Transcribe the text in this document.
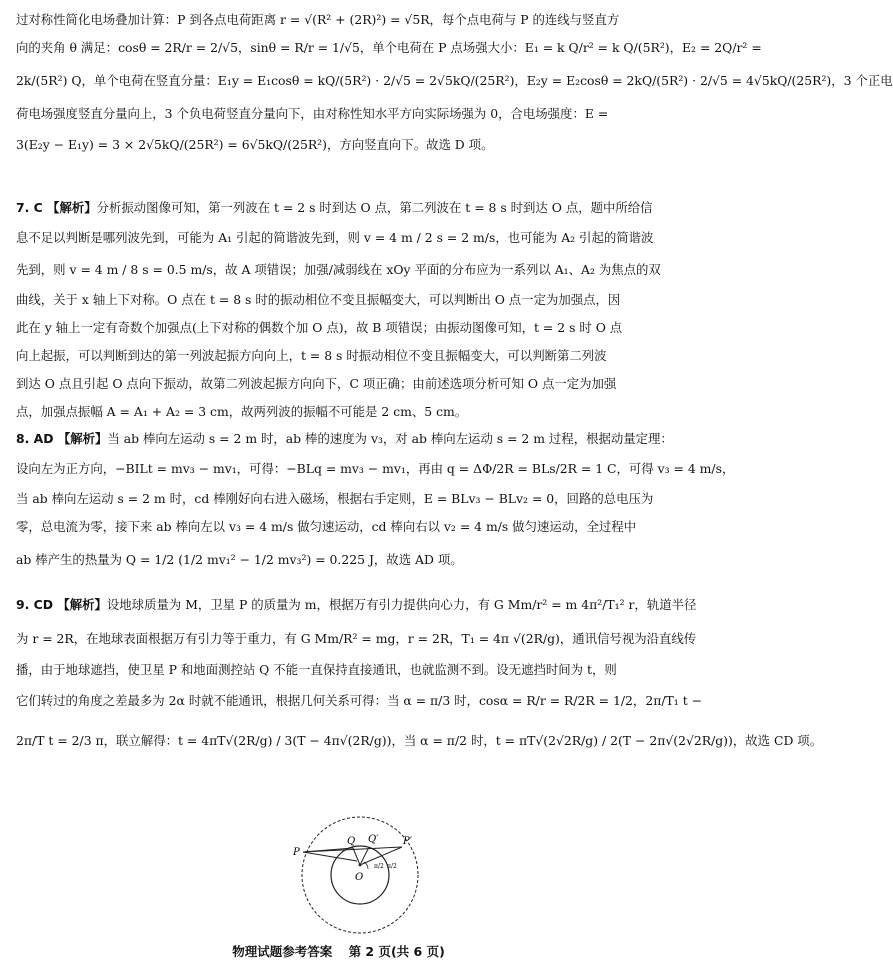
过对称性简化电场叠加计算：P 到各点电荷距离 r = √(R² + (2R)²) = √5R，每个点电荷与 P 的连线与竖直方
向的夹角 θ 满足：cosθ = 2R/r = 2/√5，sinθ = R/r = 1/√5，单个电荷在 P 点场强大小：E₁ = k Q/r² = k Q/(5R²)，E₂ = 2Q/r² =
2k/(5R²) Q，单个电荷在竖直分量：E₁y = E₁cosθ = kQ/(5R²) · 2/√5 = 2√5kQ/(25R²)，E₂y = E₂cosθ = 2kQ/(5R²) · 2/√5 = 4√5kQ/(25R²)，3 个正电
荷电场强度竖直分量向上，3 个负电荷竖直分量向下，由对称性知水平方向实际场强为 0，合电场强度：E =
3(E₂y − E₁y) = 3 × 2√5kQ/(25R²) = 6√5kQ/(25R²)，方向竖直向下。故选 D 项。
7. C 【解析】分析振动图像可知，第一列波在 t = 2 s 时到达 O 点，第二列波在 t = 8 s 时到达 O 点，题中所给信
息不足以判断是哪列波先到，可能为 A₁ 引起的简谐波先到，则 v = 4 m / 2 s = 2 m/s，也可能为 A₂ 引起的简谐波
先到，则 v = 4 m / 8 s = 0.5 m/s，故 A 项错误；加强/减弱线在 xOy 平面的分布应为一系列以 A₁、A₂ 为焦点的双
曲线，关于 x 轴上下对称。O 点在 t = 8 s 时的振动相位不变且振幅变大，可以判断出 O 点一定为加强点，因
此在 y 轴上一定有奇数个加强点(上下对称的偶数个加 O 点)，故 B 项错误；由振动图像可知，t = 2 s 时 O 点
向上起振，可以判断到达的第一列波起振方向向上，t = 8 s 时振动相位不变且振幅变大，可以判断第二列波
到达 O 点且引起 O 点向下振动，故第二列波起振方向向下，C 项正确；由前述选项分析可知 O 点一定为加强
点，加强点振幅 A = A₁ + A₂ = 3 cm，故两列波的振幅不可能是 2 cm、5 cm。
8. AD 【解析】当 ab 棒向左运动 s = 2 m 时，ab 棒的速度为 v₃，对 ab 棒向左运动 s = 2 m 过程，根据动量定理：
设向左为正方向，−BILt = mv₃ − mv₁，可得：−BLq = mv₃ − mv₁，再由 q = ΔΦ/2R = BLs/2R = 1 C，可得 v₃ = 4 m/s，
当 ab 棒向左运动 s = 2 m 时，cd 棒刚好向右进入磁场，根据右手定则，E = BLv₃ − BLv₂ = 0，回路的总电压为
零，总电流为零，接下来 ab 棒向左以 v₃ = 4 m/s 做匀速运动，cd 棒向右以 v₂ = 4 m/s 做匀速运动，全过程中
ab 棒产生的热量为 Q = 1/2 (1/2 mv₁² − 1/2 mv₃²) = 0.225 J，故选 AD 项。
9. CD 【解析】设地球质量为 M，卫星 P 的质量为 m，根据万有引力提供向心力，有 G Mm/r² = m 4π²/T₁² r，轨道半径
为 r = 2R，在地球表面根据万有引力等于重力，有 G Mm/R² = mg，r = 2R，T₁ = 4π √(2R/g)，通讯信号视为沿直线传
播，由于地球遮挡，使卫星 P 和地面测控站 Q 不能一直保持直接通讯，也就监测不到。设无遮挡时间为 t，则
它们转过的角度之差最多为 2α 时就不能通讯，根据几何关系可得：当 α = π/3 时，cosα = R/r = R/2R = 1/2，2π/T₁ t −
2π/T t = 2/3 π，联立解得：t = 4πT√(2R/g) / 3(T − 4π√(2R/g))，当 α = π/2 时，t = πT√(2√2R/g) / 2(T − 2π√(2√2R/g))，故选 CD 项。
P
Q Q′ P′
O
π/2 π/2
物理试题参考答案 第 2 页(共 6 页)
